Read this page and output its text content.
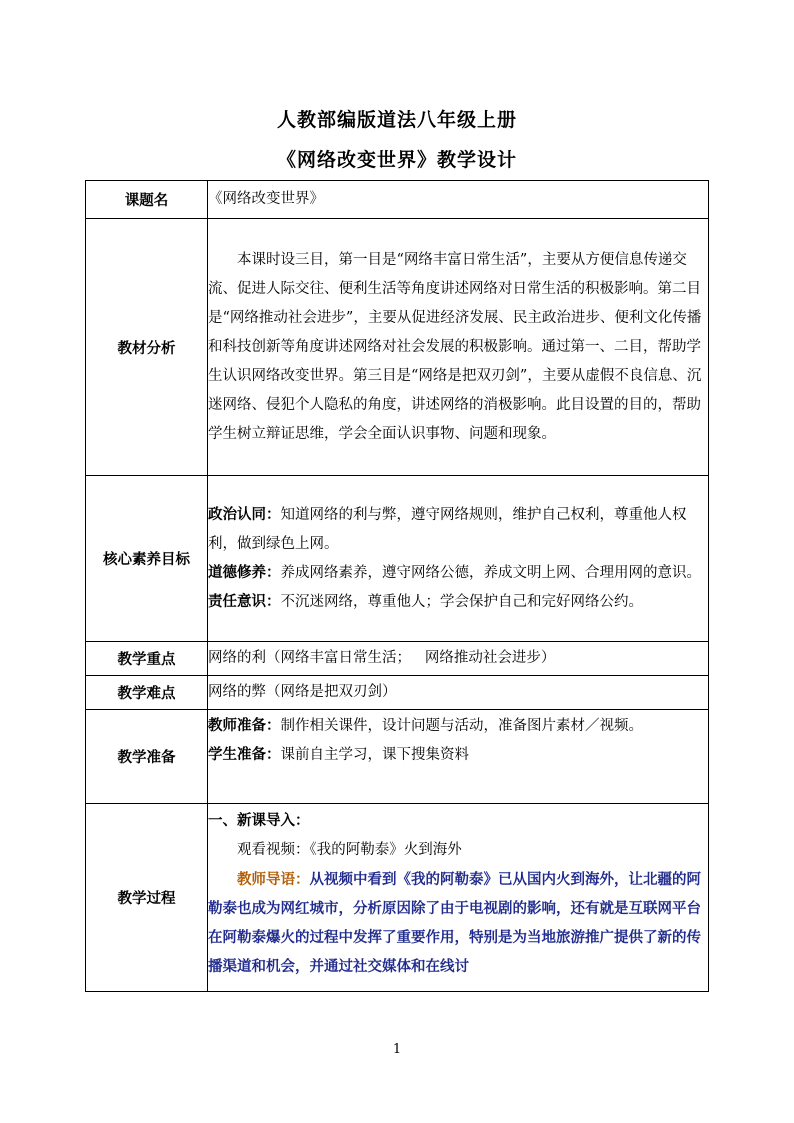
人教部编版道法八年级上册
《网络改变世界》教学设计
课题名	《网络改变世界》
教材分析	本课时设三目，第一目是“网络丰富日常生活”，主要从方便信息传递交流、促进人际交往、便利生活等角度讲述网络对日常生活的积极影响。第二目是“网络推动社会进步”，主要从促进经济发展、民主政治进步、便利文化传播和科技创新等角度讲述网络对社会发展的积极影响。通过第一、二目，帮助学生认识网络改变世界。第三目是“网络是把双刃剑”，主要从虚假不良信息、沉迷网络、侵犯个人隐私的角度，讲述网络的消极影响。此目设置的目的，帮助学生树立辩证思维，学会全面认识事物、问题和现象。

核心素养目标	政治认同：知道网络的利与弊，遵守网络规则，维护自己权利，尊重他人权利，做到绿色上网。

道德修养：养成网络素养，遵守网络公德，养成文明上网、合理用网的意识。

责任意识：不沉迷网络，尊重他人；学会保护自己和完好网络公约。

教学重点	网络的利（网络丰富日常生活；   网络推动社会进步）
教学难点	网络的弊（网络是把双刃剑）
教学准备	教师准备：制作相关课件，设计问题与活动，准备图片素材／视频。

学生准备：课前自主学习，课下搜集资料

教学过程	一、新课导入：

观看视频：《我的阿勒泰》火到海外

教师导语：从视频中看到《我的阿勒泰》已从国内火到海外，让北疆的阿勒泰也成为网红城市，分析原因除了由于电视剧的影响，还有就是互联网平台在阿勒泰爆火的过程中发挥了重要作用，特别是为当地旅游推广提供了新的传播渠道和机会，并通过社交媒体和在线讨

1
